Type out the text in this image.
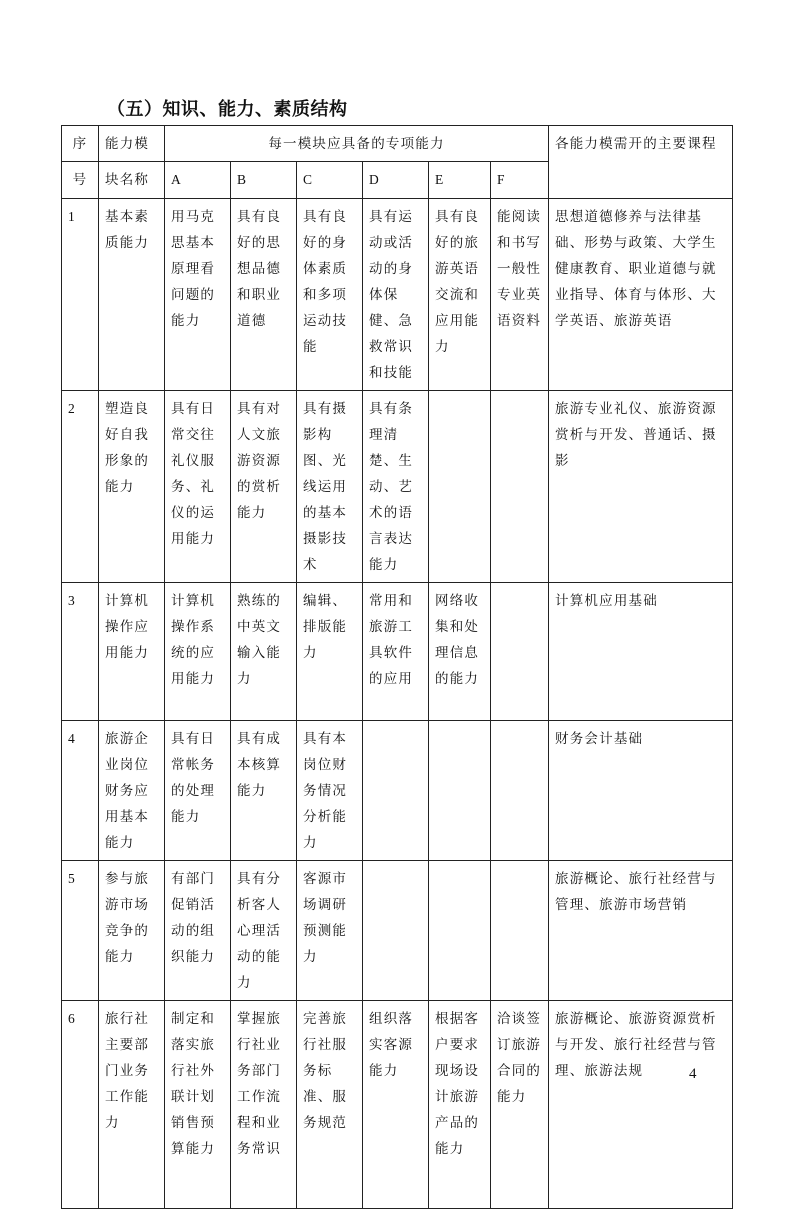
（五）知识、能力、素质结构
序	能力模	每一模块应具备的专项能力						各能力模需开的主要课程
号	块名称	A	B	C	D	E	F	
1	基本素质能力	用马克思基本原理看问题的能力	具有良好的思想品德和职业道德	具有良好的身体素质和多项运动技能	具有运动或活动的身体保健、急救常识和技能	具有良好的旅游英语交流和应用能力	能阅读和书写一般性专业英语资料	思想道德修养与法律基础、形势与政策、大学生健康教育、职业道德与就业指导、体育与体形、大学英语、旅游英语
2	塑造良好自我形象的能力	具有日常交往礼仪服务、礼仪的运用能力	具有对人文旅游资源的赏析能力	具有摄影构图、光线运用的基本摄影技术	具有条理清楚、生动、艺术的语言表达能力			旅游专业礼仪、旅游资源赏析与开发、普通话、摄影
3	计算机操作应用能力	计算机操作系统的应用能力	熟练的中英文输入能力	编辑、排版能力	常用和旅游工具软件的应用	网络收集和处理信息的能力		计算机应用基础
4	旅游企业岗位财务应用基本能力	具有日常帐务的处理能力	具有成本核算能力	具有本岗位财务情况分析能力				财务会计基础
5	参与旅游市场竞争的能力	有部门促销活动的组织能力	具有分析客人心理活动的能力	客源市场调研预测能力				旅游概论、旅行社经营与管理、旅游市场营销
6	旅行社主要部门业务工作能力	制定和落实旅行社外联计划销售预算能力	掌握旅行社业务部门工作流程和业务常识	完善旅行社服务标准、服务规范	组织落实客源能力	根据客户要求现场设计旅游产品的能力	洽谈签订旅游合同的能力	旅游概论、旅游资源赏析与开发、旅行社经营与管理、旅游法规	4
